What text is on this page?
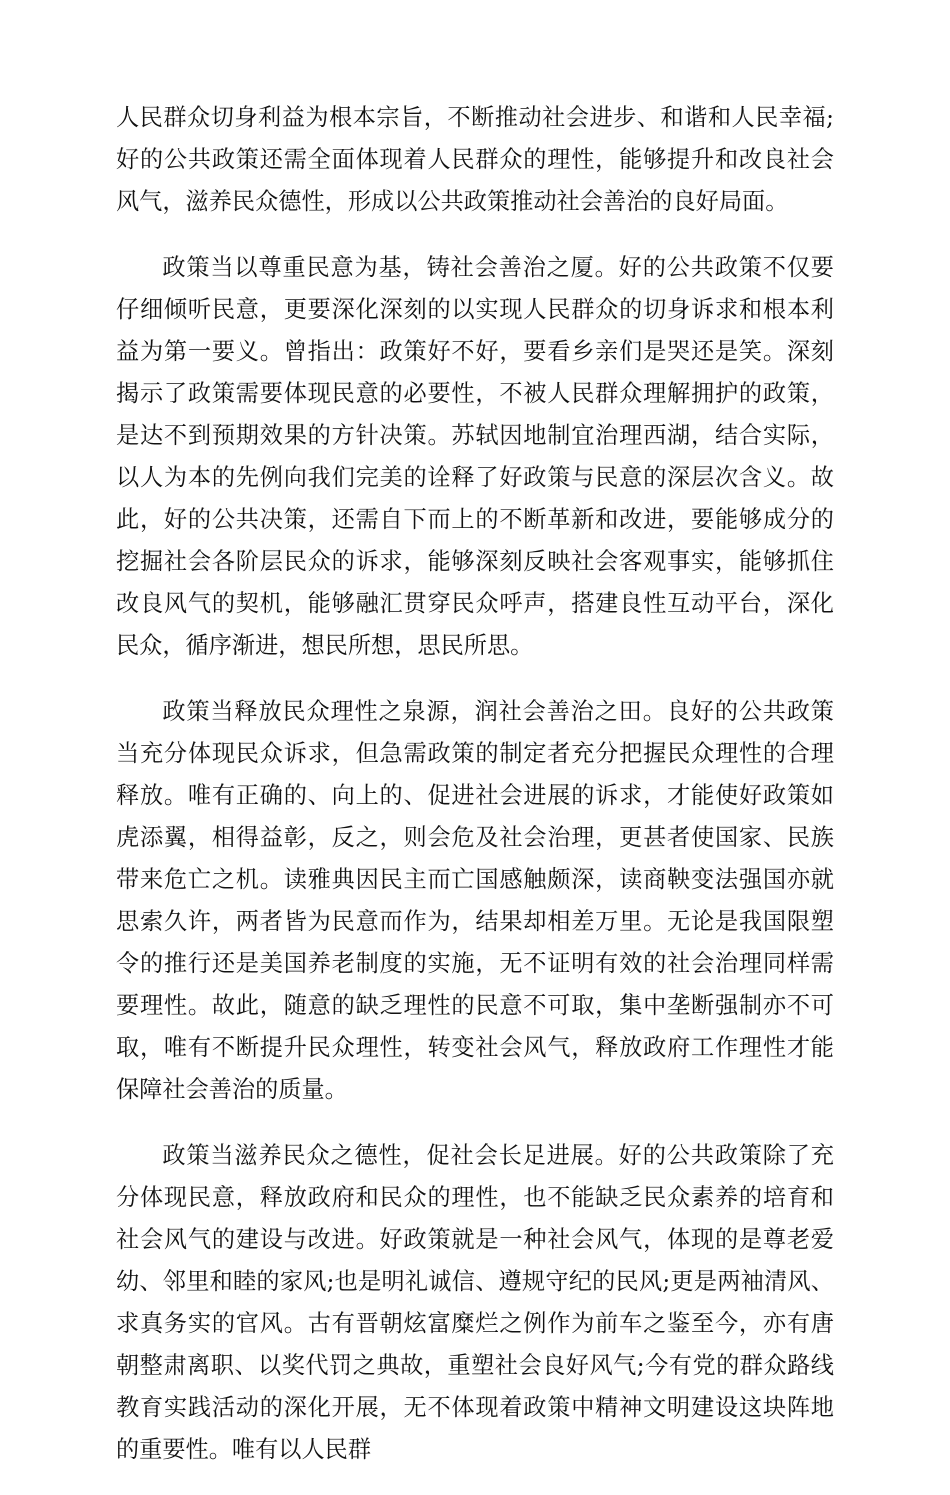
人民群众切身利益为根本宗旨，不断推动社会进步、和谐和人民幸福;好的公共政策还需全面体现着人民群众的理性，能够提升和改良社会风气，滋养民众德性，形成以公共政策推动社会善治的良好局面。

政策当以尊重民意为基，铸社会善治之厦。好的公共政策不仅要仔细倾听民意，更要深化深刻的以实现人民群众的切身诉求和根本利益为第一要义。曾指出：政策好不好，要看乡亲们是哭还是笑。深刻揭示了政策需要体现民意的必要性，不被人民群众理解拥护的政策，是达不到预期效果的方针决策。苏轼因地制宜治理西湖，结合实际，以人为本的先例向我们完美的诠释了好政策与民意的深层次含义。故此，好的公共决策，还需自下而上的不断革新和改进，要能够成分的挖掘社会各阶层民众的诉求，能够深刻反映社会客观事实，能够抓住改良风气的契机，能够融汇贯穿民众呼声，搭建良性互动平台，深化民众，循序渐进，想民所想，思民所思。

政策当释放民众理性之泉源，润社会善治之田。良好的公共政策当充分体现民众诉求，但急需政策的制定者充分把握民众理性的合理释放。唯有正确的、向上的、促进社会进展的诉求，才能使好政策如虎添翼，相得益彰，反之，则会危及社会治理，更甚者使国家、民族带来危亡之机。读雅典因民主而亡国感触颇深，读商鞅变法强国亦就思索久许，两者皆为民意而作为，结果却相差万里。无论是我国限塑令的推行还是美国养老制度的实施，无不证明有效的社会治理同样需要理性。故此，随意的缺乏理性的民意不可取，集中垄断强制亦不可取，唯有不断提升民众理性，转变社会风气，释放政府工作理性才能保障社会善治的质量。

政策当滋养民众之德性，促社会长足进展。好的公共政策除了充分体现民意，释放政府和民众的理性，也不能缺乏民众素养的培育和社会风气的建设与改进。好政策就是一种社会风气，体现的是尊老爱幼、邻里和睦的家风;也是明礼诚信、遵规守纪的民风;更是两袖清风、求真务实的官风。古有晋朝炫富糜烂之例作为前车之鉴至今，亦有唐朝整肃离职、以奖代罚之典故，重塑社会良好风气;今有党的群众路线教育实践活动的深化开展，无不体现着政策中精神文明建设这块阵地的重要性。唯有以人民群
